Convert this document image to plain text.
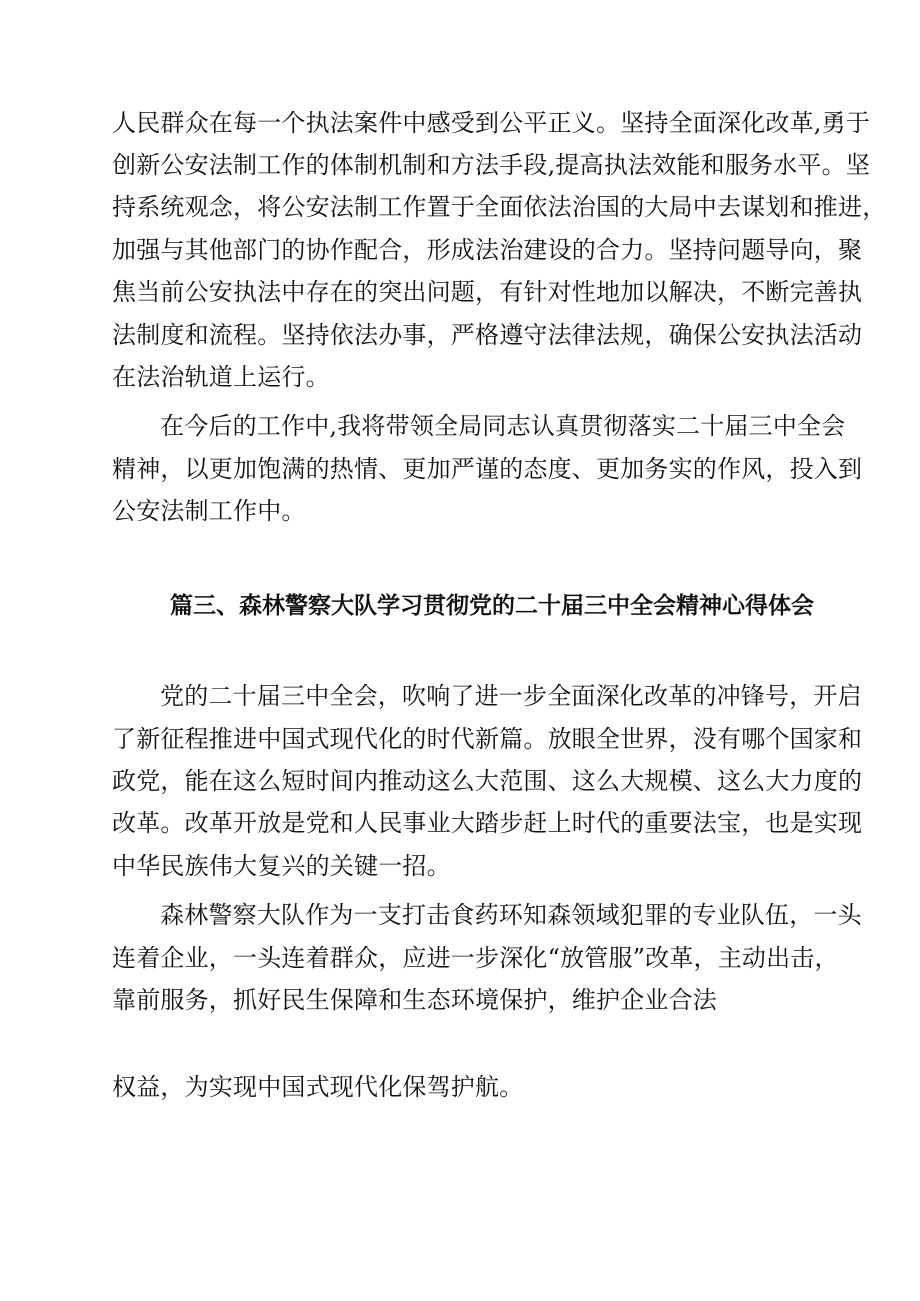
人民群众在每一个执法案件中感受到公平正义。坚持全面深化改革,勇于
创新公安法制工作的体制机制和方法手段,提高执法效能和服务水平。坚
持系统观念，将公安法制工作置于全面依法治国的大局中去谋划和推进，
加强与其他部门的协作配合，形成法治建设的合力。坚持问题导向，聚
焦当前公安执法中存在的突出问题，有针对性地加以解决，不断完善执
法制度和流程。坚持依法办事，严格遵守法律法规，确保公安执法活动
在法治轨道上运行。
在今后的工作中,我将带领全局同志认真贯彻落实二十届三中全会
精神，以更加饱满的热情、更加严谨的态度、更加务实的作风，投入到
公安法制工作中。
篇三、森林警察大队学习贯彻党的二十届三中全会精神心得体会
党的二十届三中全会，吹响了进一步全面深化改革的冲锋号，开启
了新征程推进中国式现代化的时代新篇。放眼全世界，没有哪个国家和
政党，能在这么短时间内推动这么大范围、这么大规模、这么大力度的
改革。改革开放是党和人民事业大踏步赶上时代的重要法宝，也是实现
中华民族伟大复兴的关键一招。
森林警察大队作为一支打击食药环知森领域犯罪的专业队伍，一头
连着企业，一头连着群众，应进一步深化“放管服”改革，主动出击，
靠前服务，抓好民生保障和生态环境保护，维护企业合法
权益，为实现中国式现代化保驾护航。
